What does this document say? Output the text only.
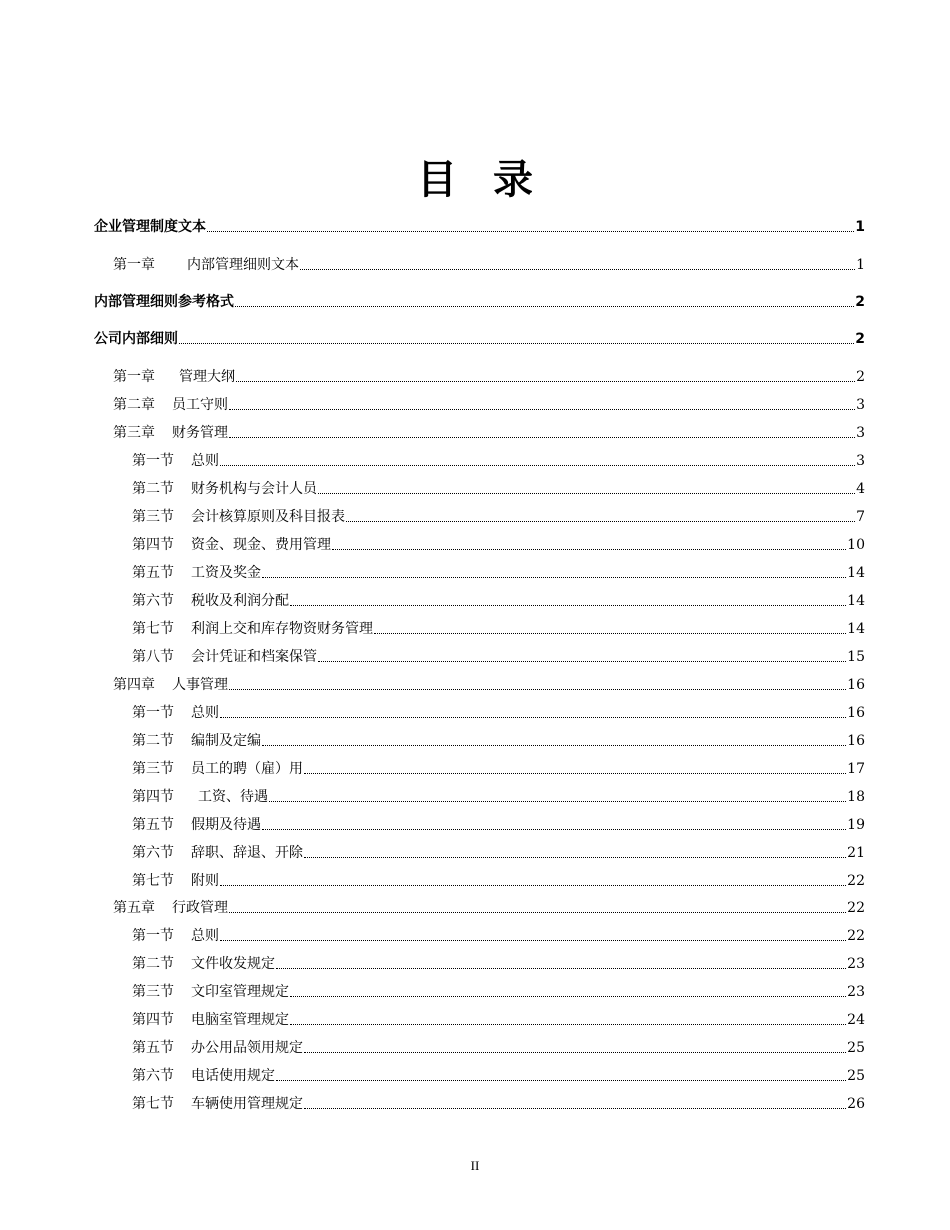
目录
企业管理制度文本	1
第一章 内部管理细则文本	1
内部管理细则参考格式	2
公司内部细则	2
第一章 管理大纲	2
第二章 员工守则	3
第三章 财务管理	3
第一节 总则	3
第二节 财务机构与会计人员	4
第三节 会计核算原则及科目报表	7
第四节 资金、现金、费用管理	10
第五节 工资及奖金	14
第六节 税收及利润分配	14
第七节 利润上交和库存物资财务管理	14
第八节 会计凭证和档案保管	15
第四章 人事管理	16
第一节 总则	16
第二节 编制及定编	16
第三节 员工的聘（雇）用	17
第四节 工资、待遇	18
第五节 假期及待遇	19
第六节 辞职、辞退、开除	21
第七节 附则	22
第五章 行政管理	22
第一节 总则	22
第二节 文件收发规定	23
第三节 文印室管理规定	23
第四节 电脑室管理规定	24
第五节 办公用品领用规定	25
第六节 电话使用规定	25
第七节 车辆使用管理规定	26
II
